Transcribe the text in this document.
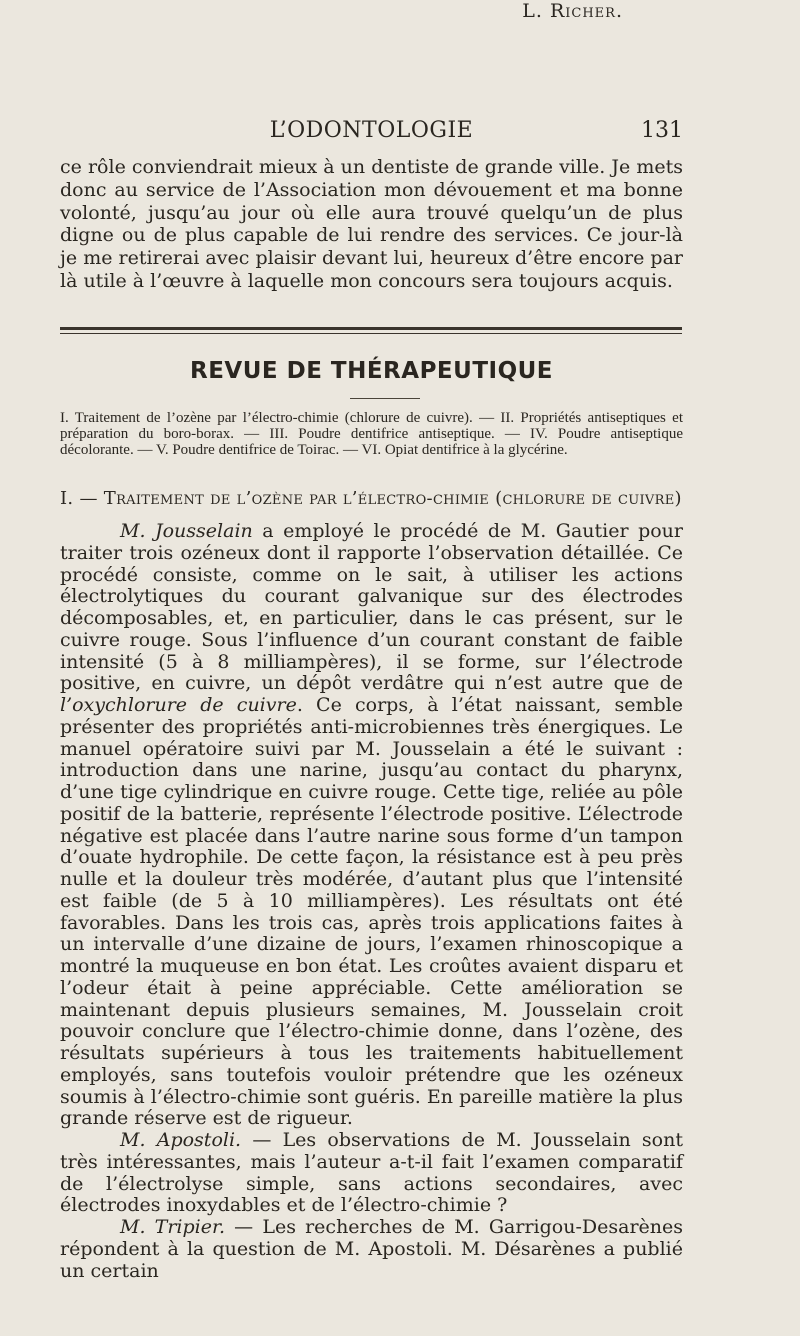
L’ODONTOLOGIE	131
ce rôle conviendrait mieux à un dentiste de grande ville. Je mets donc au service de l’Association mon dévouement et ma bonne volonté, jusqu’au jour où elle aura trouvé quelqu’un de plus digne ou de plus capable de lui rendre des services. Ce jour-là je me retirerai avec plaisir devant lui, heureux d’être encore par là utile à l’œuvre à laquelle mon concours sera toujours acquis.
L. Richer.
REVUE DE THÉRAPEUTIQUE
I. Traitement de l’ozène par l’électro-chimie (chlorure de cuivre). — II. Propriétés antiseptiques et préparation du boro-borax. — III. Poudre dentifrice antiseptique. — IV. Poudre antiseptique décolorante. — V. Poudre dentifrice de Toirac. — VI. Opiat dentifrice à la glycérine.
I. — Traitement de l’ozène par l’électro-chimie (chlorure de cuivre)

M. Jousselain a employé le procédé de M. Gautier pour traiter trois ozéneux dont il rapporte l’observation détaillée. Ce procédé consiste, comme on le sait, à utiliser les actions électrolytiques du courant galvanique sur des électrodes décomposables, et, en particulier, dans le cas présent, sur le cuivre rouge. Sous l’influence d’un courant constant de faible intensité (5 à 8 milliampères), il se forme, sur l’électrode positive, en cuivre, un dépôt verdâtre qui n’est autre que de l’oxychlorure de cuivre. Ce corps, à l’état naissant, semble présenter des propriétés anti-microbiennes très énergiques. Le manuel opératoire suivi par M. Jousselain a été le suivant : introduction dans une narine, jusqu’au contact du pharynx, d’une tige cylindrique en cuivre rouge. Cette tige, reliée au pôle positif de la batterie, représente l’électrode positive. L’électrode négative est placée dans l’autre narine sous forme d’un tampon d’ouate hydrophile. De cette façon, la résistance est à peu près nulle et la douleur très modérée, d’autant plus que l’intensité est faible (de 5 à 10 milliampères). Les résultats ont été favorables. Dans les trois cas, après trois applications faites à un intervalle d’une dizaine de jours, l’examen rhinoscopique a montré la muqueuse en bon état. Les croûtes avaient disparu et l’odeur était à peine appréciable. Cette amélioration se maintenant depuis plusieurs semaines, M. Jousselain croit pouvoir conclure que l’électro-chimie donne, dans l’ozène, des résultats supérieurs à tous les traitements habituellement employés, sans toutefois vouloir prétendre que les ozéneux soumis à l’électro-chimie sont guéris. En pareille matière la plus grande réserve est de rigueur.

M. Apostoli. — Les observations de M. Jousselain sont très intéressantes, mais l’auteur a-t-il fait l’examen comparatif de l’électrolyse simple, sans actions secondaires, avec électrodes inoxydables et de l’électro-chimie ?

M. Tripier. — Les recherches de M. Garrigou-Desarènes répondent à la question de M. Apostoli. M. Désarènes a publié un certain
